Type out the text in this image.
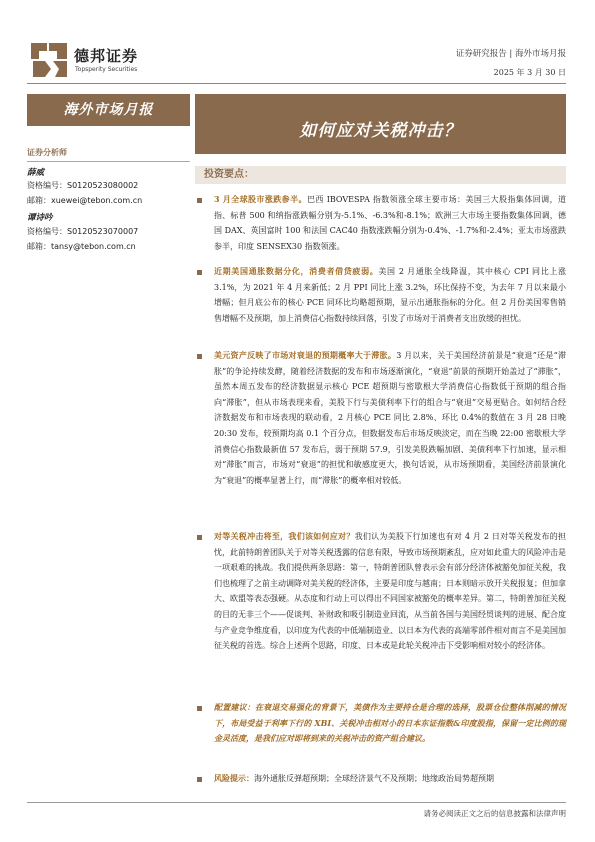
德邦证券
Topsperity Securities
证券研究报告 | 海外市场月报
2025 年 3 月 30 日
海外市场月报
如何应对关税冲击？
证券分析师
薛威
资格编号：S0120523080002
邮箱：xuewei@tebon.com.cn
谭诗吟
资格编号：S0120523070007
邮箱：tansy@tebon.com.cn
投资要点：
3 月全球股市涨跌参半。巴西 IBOVESPA 指数领涨全球主要市场：美国三大股指集体回调，道指、标普 500 和纳指涨跌幅分别为-5.1%、-6.3%和-8.1%；欧洲三大市场主要指数集体回调，德国 DAX、英国富时 100 和法国 CAC40 指数涨跌幅分别为-0.4%、-1.7%和-2.4%；亚太市场涨跌参半，印度 SENSEX30 指数领涨。
近期美国通胀数据分化，消费者借贷疲弱。美国 2 月通胀全线降温，其中核心 CPI 同比上涨 3.1%，为 2021 年 4 月来新低；2 月 PPI 同比上涨 3.2%，环比保持不变，为去年 7 月以来最小增幅；但月底公布的核心 PCE 同环比均略超预期，显示出通胀指标的分化。但 2 月份美国零售销售增幅不及预期，加上消费信心指数持续回落，引发了市场对于消费者支出放缓的担忧。
美元资产反映了市场对衰退的预期概率大于滞胀。3 月以来，关于美国经济前景是“衰退”还是“滞胀”的争论持续发酵，随着经济数据的发布和市场逐渐演化，“衰退”前景的预期开始盖过了“滞胀”，虽然本周五发布的经济数据显示核心 PCE 超预期与密歇根大学消费信心指数低于预期的组合指向“滞胀”，但从市场表现来看，美股下行与美债利率下行的组合与“衰退”交易更贴合。如何结合经济数据发布和市场表现的联动看，2 月核心 PCE 同比 2.8%、环比 0.4%的数值在 3 月 28 日晚 20:30 发布，较预期均高 0.1 个百分点，但数据发布后市场反映淡定，而在当晚 22:00 密歇根大学消费信心指数最新值 57 发布后，弱于预期 57.9，引发美股跌幅加剧、美债利率下行加速，显示相对“滞胀”而言，市场对“衰退”的担忧和敏感度更大，换句话说，从市场预期看，美国经济前景演化为“衰退”的概率显著上行，而“滞胀”的概率相对较低。
对等关税冲击将至，我们该如何应对？我们认为美股下行加速也有对 4 月 2 日对等关税发布的担忧，此前特朗普团队关于对等关税透露的信息有限，导致市场预期紊乱，应对如此重大的风险冲击是一项艰难的挑战。我们提供两条思路：第一，特朗普团队曾表示会有部分经济体被豁免加征关税，我们也梳理了之前主动调降对美关税的经济体，主要是印度与越南；日本则暗示放开关税报复；但加拿大、欧盟等表态强硬。从态度和行动上可以得出不同国家被豁免的概率差异。第二，特朗普加征关税的目的无非三个——促谈判、补财政和吸引制造业回流，从当前各国与美国经贸谈判的进展、配合度与产业竞争维度看，以印度为代表的中低端制造业、以日本为代表的高端零部件相对而言不是美国加征关税的首选。综合上述两个思路，印度、日本或是此轮关税冲击下受影响相对较小的经济体。
配置建议：在衰退交易强化的背景下，美债作为主要持仓是合理的选择，股票仓位整体削减的情况下，布局受益于利率下行的 XBI、关税冲击相对小的日本东证指数&印度股指，保留一定比例的现金灵活度，是我们应对即将到来的关税冲击的资产组合建议。
风险提示：海外通胀反弹超预期；全球经济景气不及预期；地缘政治局势超预期
请务必阅读正文之后的信息披露和法律声明
